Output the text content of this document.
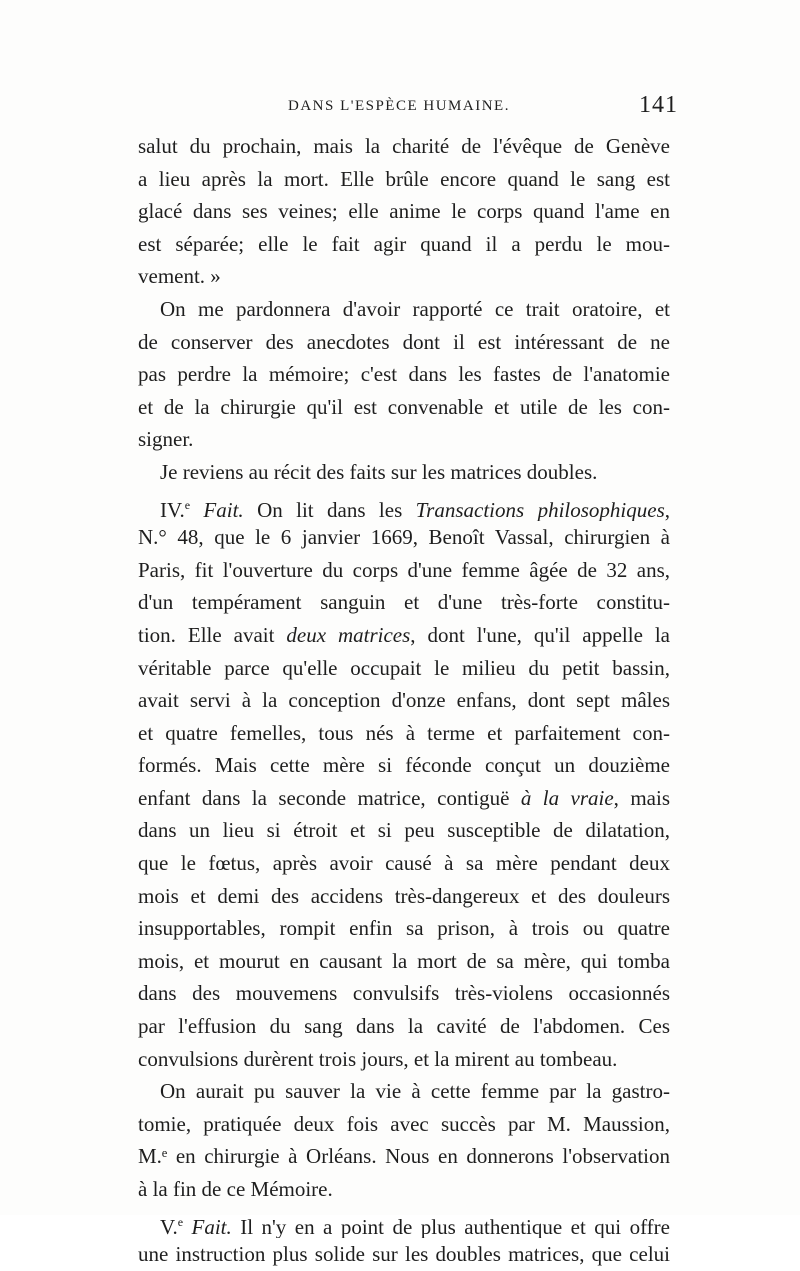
DANS L'ESPÈCE HUMAINE.	141
salut du prochain, mais la charité de l'évêque de Genève
a lieu après la mort. Elle brûle encore quand le sang est
glacé dans ses veines; elle anime le corps quand l'ame en
est séparée; elle le fait agir quand il a perdu le mou-
vement. »
On me pardonnera d'avoir rapporté ce trait oratoire, et
de conserver des anecdotes dont il est intéressant de ne
pas perdre la mémoire; c'est dans les fastes de l'anatomie
et de la chirurgie qu'il est convenable et utile de les con-
signer.
Je reviens au récit des faits sur les matrices doubles.
IV.$^e$ Fait. On lit dans les Transactions philosophiques,
N.° 48, que le 6 janvier 1669, Benoît Vassal, chirurgien à
Paris, fit l'ouverture du corps d'une femme âgée de 32 ans,
d'un tempérament sanguin et d'une très-forte constitu-
tion. Elle avait deux matrices, dont l'une, qu'il appelle la
véritable parce qu'elle occupait le milieu du petit bassin,
avait servi à la conception d'onze enfans, dont sept mâles
et quatre femelles, tous nés à terme et parfaitement con-
formés. Mais cette mère si féconde conçut un douzième
enfant dans la seconde matrice, contiguë à la vraie, mais
dans un lieu si étroit et si peu susceptible de dilatation,
que le fœtus, après avoir causé à sa mère pendant deux
mois et demi des accidens très-dangereux et des douleurs
insupportables, rompit enfin sa prison, à trois ou quatre
mois, et mourut en causant la mort de sa mère, qui tomba
dans des mouvemens convulsifs très-violens occasionnés
par l'effusion du sang dans la cavité de l'abdomen. Ces
convulsions durèrent trois jours, et la mirent au tombeau.
On aurait pu sauver la vie à cette femme par la gastro-
tomie, pratiquée deux fois avec succès par M. Maussion,
M.ᵉ en chirurgie à Orléans. Nous en donnerons l'observation
à la fin de ce Mémoire.
V.$^e$ Fait. Il n'y en a point de plus authentique et qui offre
une instruction plus solide sur les doubles matrices, que celui
